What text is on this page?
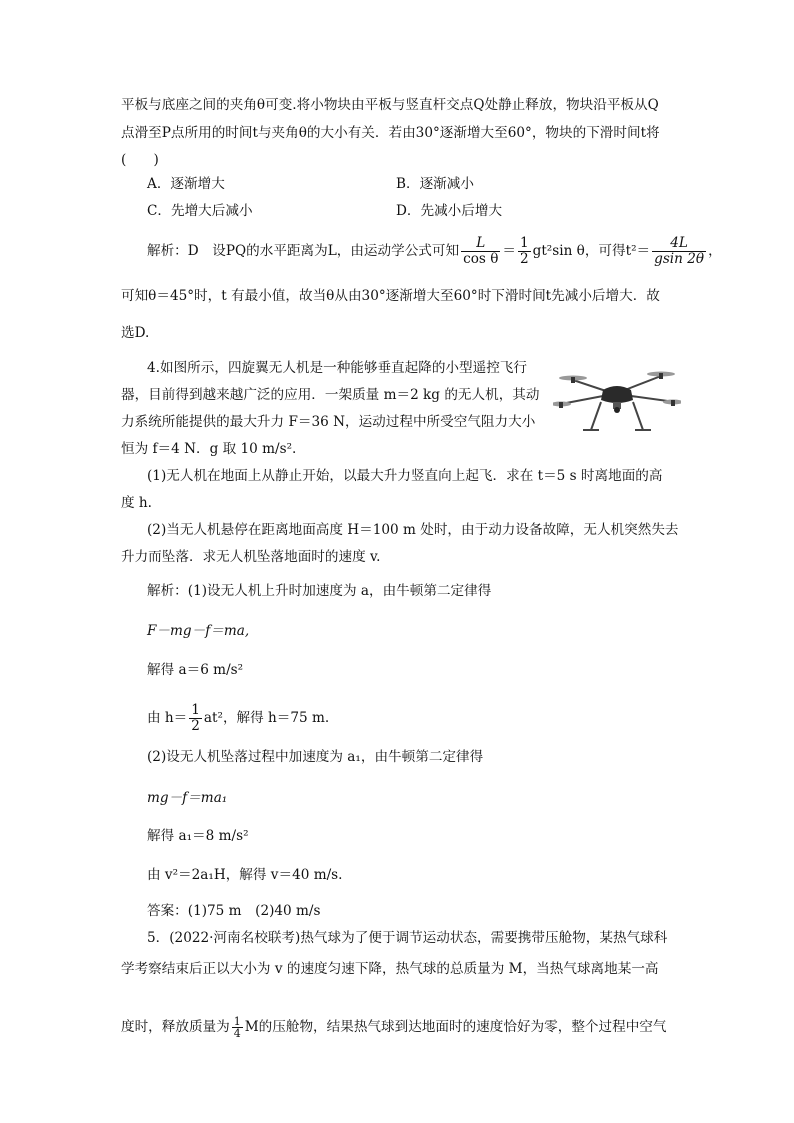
平板与底座之间的夹角θ可变.将小物块由平板与竖直杆交点Q处静止释放，物块沿平板从Q
点滑至P点所用的时间t与夹角θ的大小有关．若由30°逐渐增大至60°，物块的下滑时间t将
(　　)
A．逐渐增大	B．逐渐减小
C．先增大后减小	D．先减小后增大
解析：D　设PQ的水平距离为L，由运动学公式可知 $\frac{L}{\text{cos θ}} = \frac{1}{2} gt^2\sin$ θ，可得$t^2= \frac{4L}{gsin 2\theta}$ ，
可知θ＝45°时，t 有最小值，故当θ从由30°逐渐增大至60°时下滑时间t先减小后增大．故
选D.
4.如图所示，四旋翼无人机是一种能够垂直起降的小型遥控飞行
器，目前得到越来越广泛的应用．一架质量 m＝2 kg 的无人机，其动
力系统所能提供的最大升力 F＝36 N，运动过程中所受空气阻力大小
恒为 f＝4 N．g 取 10 m/s².
(1)无人机在地面上从静止开始，以最大升力竖直向上起飞．求在 t＝5 s 时离地面的高
度 h.
(2)当无人机悬停在距离地面高度 H＝100 m 处时，由于动力设备故障，无人机突然失去
升力而坠落．求无人机坠落地面时的速度 v.
解析：(1)设无人机上升时加速度为 a，由牛顿第二定律得
F－mg－f＝ma,
解得 a＝6 m/s²
由 $h= \frac{1}{2} at^2$，解得 h＝75 m.
(2)设无人机坠落过程中加速度为 a₁，由牛顿第二定律得
mg－f＝ma₁
解得 a₁＝8 m/s²
由 v²＝2a₁H，解得 v＝40 m/s.
答案：(1)75 m　(2)40 m/s
5．(2022·河南名校联考)热气球为了便于调节运动状态，需要携带压舱物，某热气球科
学考察结束后正以大小为 v 的速度匀速下降，热气球的总质量为 M，当热气球离地某一高
度时，释放质量为 $\frac{1}{4}$ M的压舱物，结果热气球到达地面时的速度恰好为零，整个过程中空气
